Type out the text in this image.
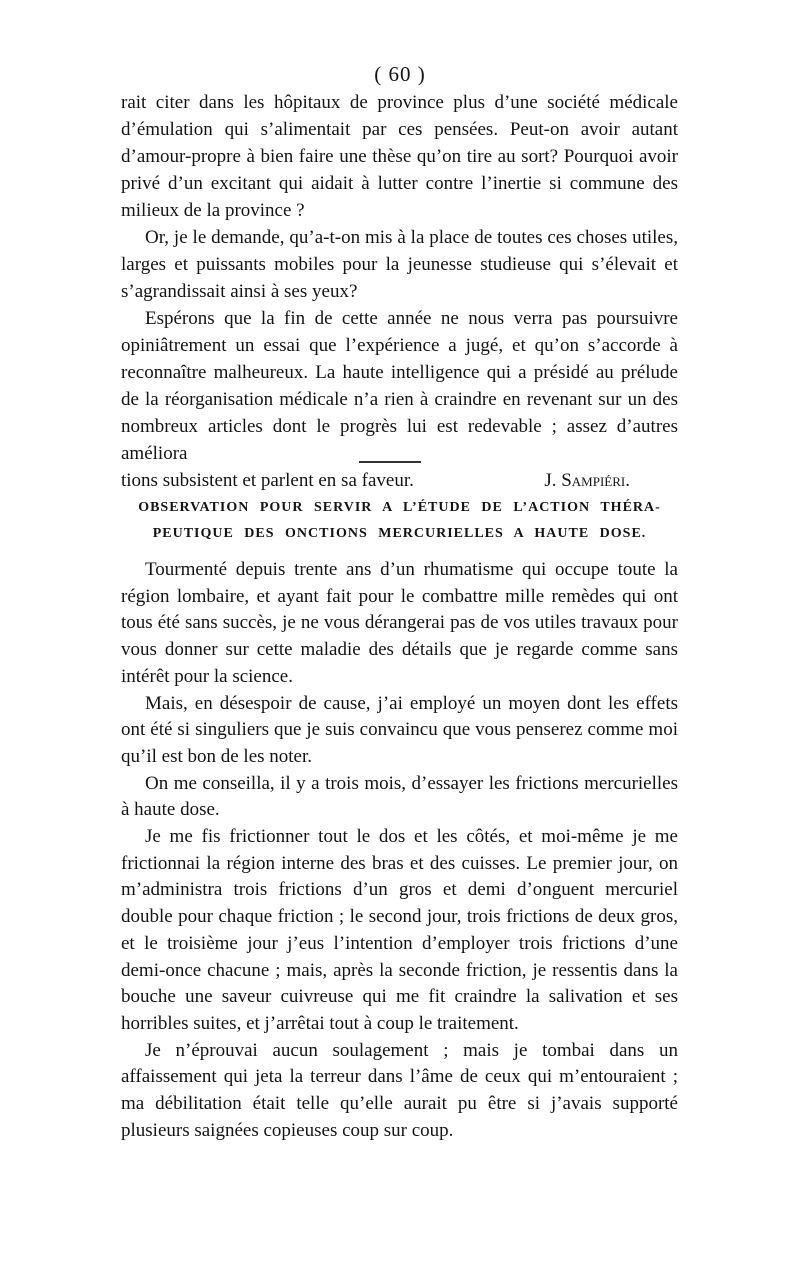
( 60 )

rait citer dans les hôpitaux de province plus d’une société médicale d’émulation qui s’alimentait par ces pensées. Peut-on avoir autant d’amour-propre à bien faire une thèse qu’on tire au sort? Pourquoi avoir privé d’un excitant qui aidait à lutter contre l’inertie si commune des milieux de la province ?

Or, je le demande, qu’a-t-on mis à la place de toutes ces choses utiles, larges et puissants mobiles pour la jeunesse studieuse qui s’élevait et s’agrandissait ainsi à ses yeux?

Espérons que la fin de cette année ne nous verra pas poursuivre opiniâtrement un essai que l’expérience a jugé, et qu’on s’accorde à reconnaître malheureux. La haute intelligence qui a présidé au prélude de la réorganisation médicale n’a rien à craindre en revenant sur un des nombreux articles dont le progrès lui est redevable ; assez d’autres améliora

tions subsistent et parlent en sa faveur.	J. Sampiéri.
OBSERVATION POUR SERVIR A L’ÉTUDE DE L’ACTION THÉRA-
PEUTIQUE DES ONCTIONS MERCURIELLES A HAUTE DOSE.

Tourmenté depuis trente ans d’un rhumatisme qui occupe toute la région lombaire, et ayant fait pour le combattre mille remèdes qui ont tous été sans succès, je ne vous dérangerai pas de vos utiles travaux pour vous donner sur cette maladie des détails que je regarde comme sans intérêt pour la science.

Mais, en désespoir de cause, j’ai employé un moyen dont les effets ont été si singuliers que je suis convaincu que vous penserez comme moi qu’il est bon de les noter.

On me conseilla, il y a trois mois, d’essayer les frictions mercurielles à haute dose.

Je me fis frictionner tout le dos et les côtés, et moi-même je me frictionnai la région interne des bras et des cuisses. Le premier jour, on m’administra trois frictions d’un gros et demi d’onguent mercuriel double pour chaque friction ; le second jour, trois frictions de deux gros, et le troisième jour j’eus l’intention d’employer trois frictions d’une demi-once chacune ; mais, après la seconde friction, je ressentis dans la bouche une saveur cuivreuse qui me fit craindre la salivation et ses horribles suites, et j’arrêtai tout à coup le traitement.

Je n’éprouvai aucun soulagement ; mais je tombai dans un affaissement qui jeta la terreur dans l’âme de ceux qui m’entouraient ; ma débilitation était telle qu’elle aurait pu être si j’avais supporté plusieurs saignées copieuses coup sur coup.
